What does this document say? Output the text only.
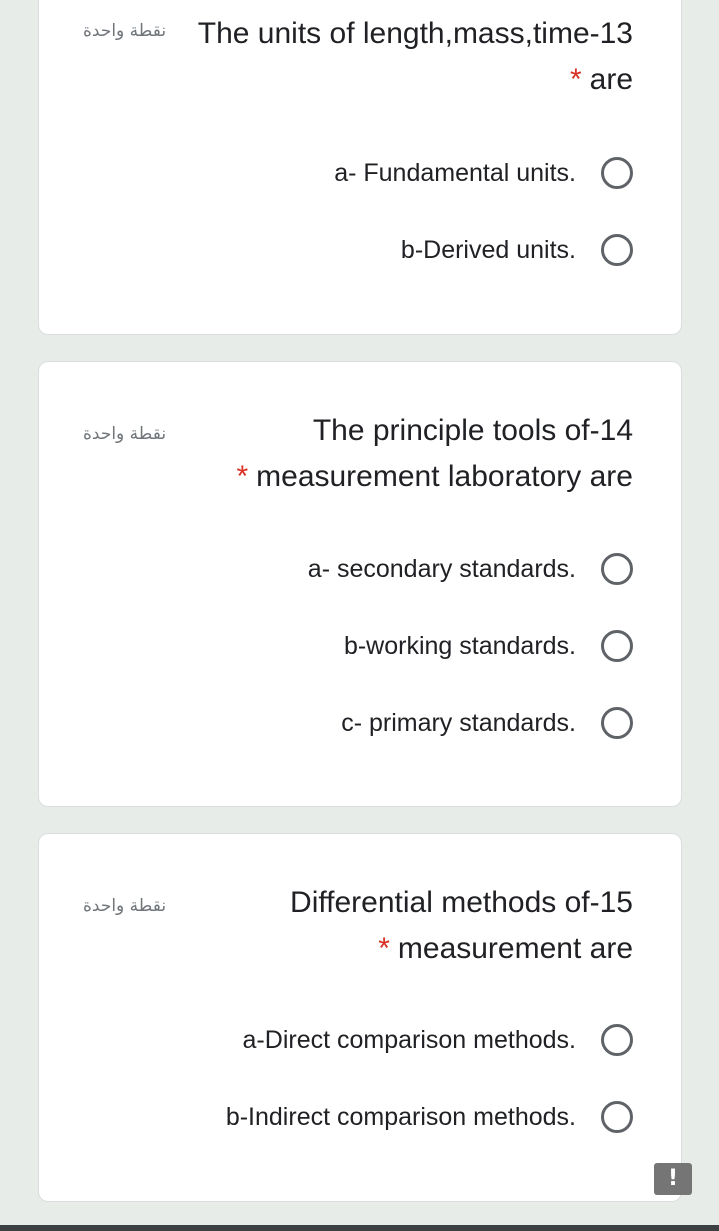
نقطة واحدة	The units of length,mass,time-13
* are
a- Fundamental units.
b-Derived units.
نقطة واحدة	The principle tools of-14
* measurement laboratory are
a- secondary standards.
b-working standards.
c- primary standards.
نقطة واحدة	Differential methods of-15
* measurement are
a-Direct comparison methods.
b-Indirect comparison methods.
!
